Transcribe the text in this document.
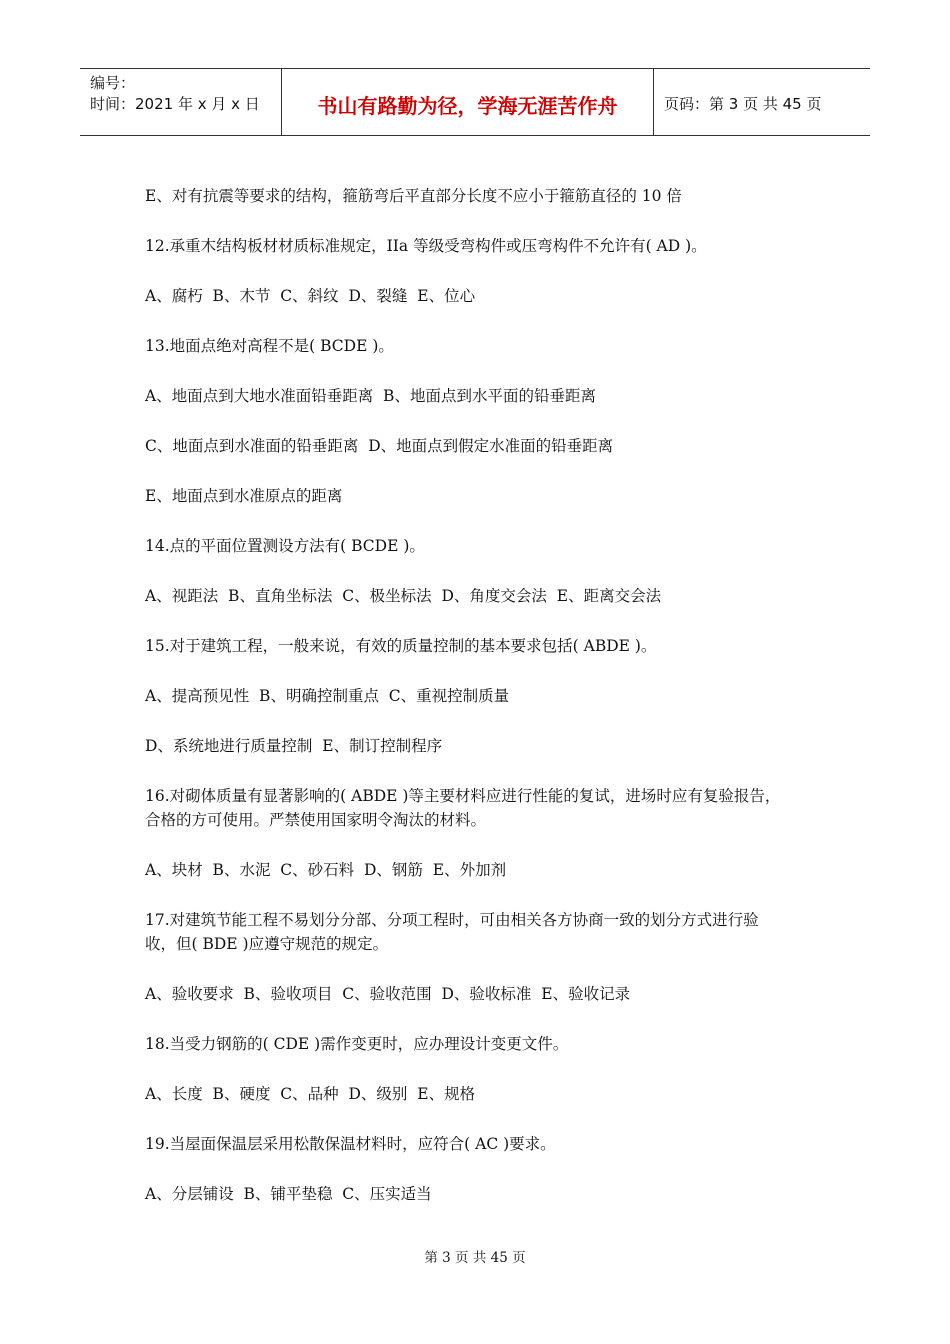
编号：
时间：2021 年 x 月 x 日	书山有路勤为径，学海无涯苦作舟	页码：第 3 页 共 45 页

E、对有抗震等要求的结构，箍筋弯后平直部分长度不应小于箍筋直径的 10 倍

12.承重木结构板材材质标准规定，IIa 等级受弯构件或压弯构件不允许有( AD )。

A、腐朽  B、木节  C、斜纹  D、裂缝  E、位心

13.地面点绝对高程不是( BCDE )。

A、地面点到大地水准面铅垂距离  B、地面点到水平面的铅垂距离

C、地面点到水准面的铅垂距离  D、地面点到假定水准面的铅垂距离

E、地面点到水准原点的距离

14.点的平面位置测设方法有( BCDE )。

A、视距法  B、直角坐标法  C、极坐标法  D、角度交会法  E、距离交会法

15.对于建筑工程，一般来说，有效的质量控制的基本要求包括( ABDE )。

A、提高预见性  B、明确控制重点  C、重视控制质量

D、系统地进行质量控制  E、制订控制程序

16.对砌体质量有显著影响的( ABDE )等主要材料应进行性能的复试，进场时应有复验报告，

合格的方可使用。严禁使用国家明令淘汰的材料。

A、块材  B、水泥  C、砂石料  D、钢筋  E、外加剂

17.对建筑节能工程不易划分分部、分项工程时，可由相关各方协商一致的划分方式进行验

收，但( BDE )应遵守规范的规定。

A、验收要求  B、验收项目  C、验收范围  D、验收标准  E、验收记录

18.当受力钢筋的( CDE )需作变更时，应办理设计变更文件。

A、长度  B、硬度  C、品种  D、级别  E、规格

19.当屋面保温层采用松散保温材料时，应符合( AC )要求。

A、分层铺设  B、铺平垫稳  C、压实适当

第 3 页 共 45 页
